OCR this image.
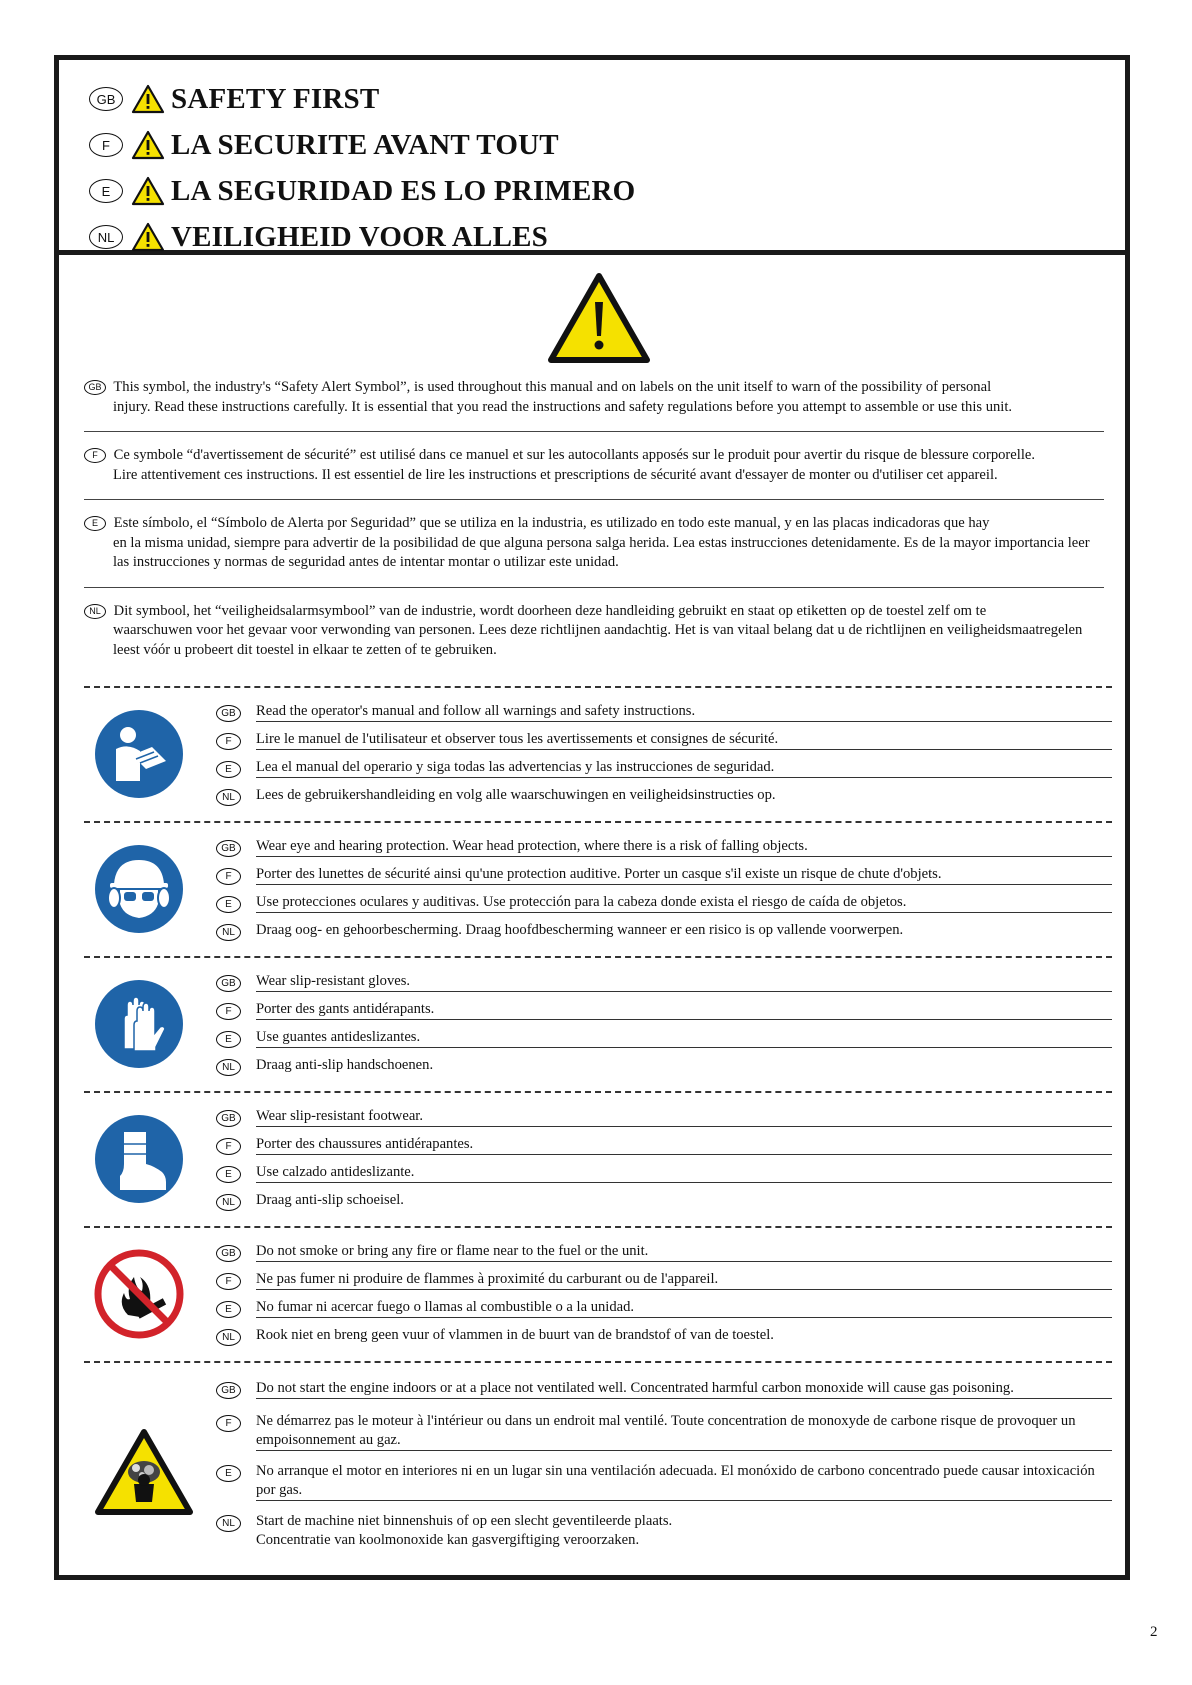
GB SAFETY FIRST
F	LA SECURITE AVANT TOUT
E	LA SEGURIDAD ES LO PRIMERO
NL VEILIGHEID VOOR ALLES
GB This symbol, the industry's “Safety Alert Symbol”, is used throughout this manual and on labels on the unit itself to warn of the possibility of personal
injury. Read these instructions carefully. It is essential that you read the instructions and safety regulations before you attempt to assemble or use this unit.
F Ce symbole “d'avertissement de sécurité” est utilisé dans ce manuel et sur les autocollants apposés sur le produit pour avertir du risque de blessure corporelle.
Lire attentivement ces instructions. Il est essentiel de lire les instructions et prescriptions de sécurité avant d'essayer de monter ou d'utiliser cet appareil.
E Este símbolo, el “Símbolo de Alerta por Seguridad” que se utiliza en la industria, es utilizado en todo este manual, y en las placas indicadoras que hay
en la misma unidad, siempre para advertir de la posibilidad de que alguna persona salga herida. Lea estas instrucciones detenidamente. Es de la mayor importancia leer las instrucciones y normas de seguridad antes de intentar montar o utilizar este unidad.
NL Dit symbool, het “veiligheidsalarmsymbool” van de industrie, wordt doorheen deze handleiding gebruikt en staat op etiketten op de toestel zelf om te
waarschuwen voor het gevaar voor verwonding van personen. Lees deze richtlijnen aandachtig. Het is van vitaal belang dat u de richtlijnen en veiligheidsmaatregelen leest vóór u probeert dit toestel in elkaar te zetten of te gebruiken.
GB	Read the operator's manual and follow all warnings and safety instructions.
F	Lire le manuel de l'utilisateur et observer tous les avertissements et consignes de sécurité.
E	Lea el manual del operario y siga todas las advertencias y las instrucciones de seguridad.
NL	Lees de gebruikershandleiding en volg alle waarschuwingen en veiligheidsinstructies op.
GB	Wear eye and hearing protection. Wear head protection, where there is a risk of falling objects.
F	Porter des lunettes de sécurité ainsi qu'une protection auditive. Porter un casque s'il existe un risque de chute d'objets.
E	Use protecciones oculares y auditivas. Use protección para la cabeza donde exista el riesgo de caída de objetos.
NL	Draag oog- en gehoorbescherming. Draag hoofdbescherming wanneer er een risico is op vallende voorwerpen.
GB	Wear slip-resistant gloves.
F	Porter des gants antidérapants.
E	Use guantes antideslizantes.
NL	Draag anti-slip handschoenen.
GB	Wear slip-resistant footwear.
F	Porter des chaussures antidérapantes.
E	Use calzado antideslizante.
NL	Draag anti-slip schoeisel.
GB	Do not smoke or bring any fire or flame near to the fuel or the unit.
F	Ne pas fumer ni produire de flammes à proximité du carburant ou de l'appareil.
E	No fumar ni acercar fuego o llamas al combustible o a la unidad.
NL	Rook niet en breng geen vuur of vlammen in de buurt van de brandstof of van de toestel.
GB	Do not start the engine indoors or at a place not ventilated well. Concentrated harmful carbon monoxide will cause gas poisoning.
F	Ne démarrez pas le moteur à l'intérieur ou dans un endroit mal ventilé. Toute concentration de monoxyde de carbone risque de provoquer un empoisonnement au gaz.
E	No arranque el motor en interiores ni en un lugar sin una ventilación adecuada. El monóxido de carbono concentrado puede causar intoxicación por gas.
NL	Start de machine niet binnenshuis of op een slecht geventileerde plaats.
Concentratie van koolmonoxide kan gasvergiftiging veroorzaken.
2
